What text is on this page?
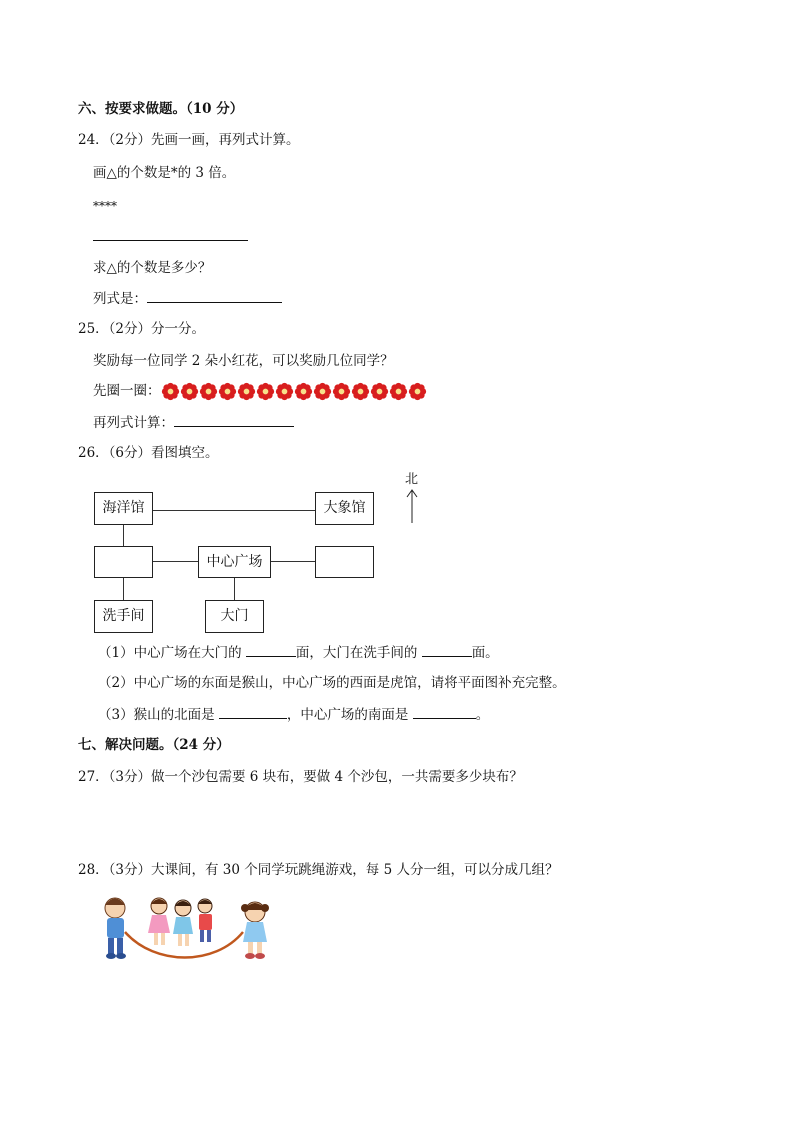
六、按要求做题。（10 分）
24．（2分）先画一画，再列式计算。
画△的个数是*的 3 倍。
****
求△的个数是多少？
列式是：
25．（2分）分一分。
奖励每一位同学 2 朵小红花，可以奖励几位同学？
先圈一圈：
再列式计算：
26．（6分）看图填空。
海洋馆	大象馆
中心广场
洗手间	大门
北
（1）中心广场在大门的	面，大门在洗手间的	面。
（2）中心广场的东面是猴山，中心广场的西面是虎馆，请将平面图补充完整。
（3）猴山的北面是	，中心广场的南面是	。
七、解决问题。（24 分）
27．（3分）做一个沙包需要 6 块布，要做 4 个沙包，一共需要多少块布？
28．（3分）大课间，有 30 个同学玩跳绳游戏，每 5 人分一组，可以分成几组？
